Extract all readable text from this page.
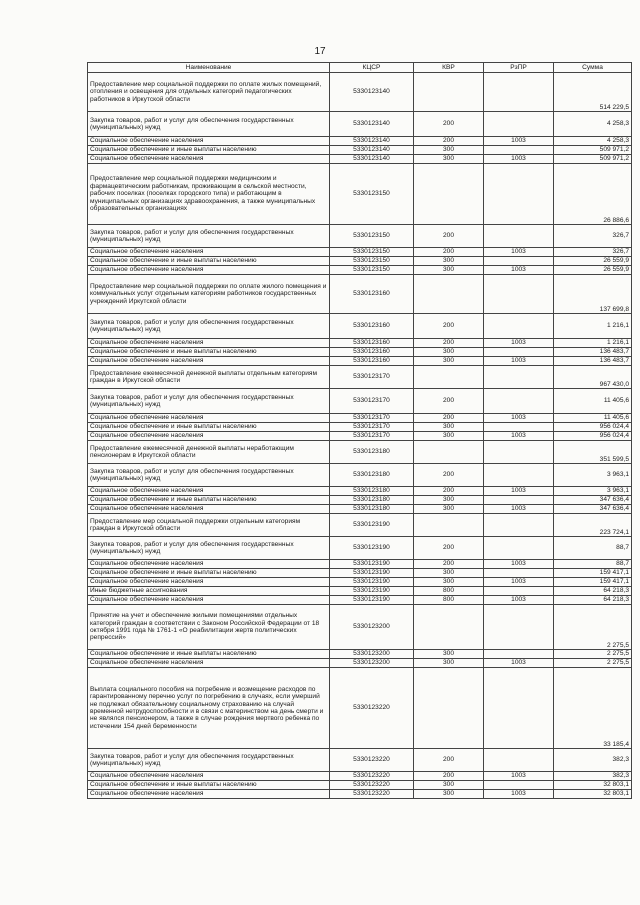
17
Наименование	КЦСР	КВР	РзПР	Сумма
Предоставление мер социальной поддержки по оплате жилых помещений, отопления и освещения для отдельных категорий педагогических работников в Иркутской области	5330123140			514 229,5
Закупка товаров, работ и услуг для обеспечения государственных (муниципальных) нужд	5330123140	200		4 258,3
Социальное обеспечение населения	5330123140	200	1003	4 258,3
Социальное обеспечение и иные выплаты населению	5330123140	300		509 971,2
Социальное обеспечение населения	5330123140	300	1003	509 971,2
Предоставление мер социальной поддержки медицинским и фармацевтическим работникам, проживающим в сельской местности, рабочих поселках (поселках городского типа) и работающим в муниципальных организациях здравоохранения, а также муниципальных образовательных организациях	5330123150			26 886,6
Закупка товаров, работ и услуг для обеспечения государственных (муниципальных) нужд	5330123150	200		326,7
Социальное обеспечение населения	5330123150	200	1003	326,7
Социальное обеспечение и иные выплаты населению	5330123150	300		26 559,9
Социальное обеспечение населения	5330123150	300	1003	26 559,9
Предоставление мер социальной поддержки по оплате жилого помещения и коммунальных услуг отдельным категориям работников государственных учреждений Иркутской области	5330123160			137 699,8
Закупка товаров, работ и услуг для обеспечения государственных (муниципальных) нужд	5330123160	200		1 216,1
Социальное обеспечение населения	5330123160	200	1003	1 216,1
Социальное обеспечение и иные выплаты населению	5330123160	300		136 483,7
Социальное обеспечение населения	5330123160	300	1003	136 483,7
Предоставление ежемесячной денежной выплаты отдельным категориям граждан в Иркутской области	5330123170			967 430,0
Закупка товаров, работ и услуг для обеспечения государственных (муниципальных) нужд	5330123170	200		11 405,6
Социальное обеспечение населения	5330123170	200	1003	11 405,6
Социальное обеспечение и иные выплаты населению	5330123170	300		956 024,4
Социальное обеспечение населения	5330123170	300	1003	956 024,4
Предоставление ежемесячной денежной выплаты неработающим пенсионерам в Иркутской области	5330123180			351 599,5
Закупка товаров, работ и услуг для обеспечения государственных (муниципальных) нужд	5330123180	200		3 963,1
Социальное обеспечение населения	5330123180	200	1003	3 963,1
Социальное обеспечение и иные выплаты населению	5330123180	300		347 636,4
Социальное обеспечение населения	5330123180	300	1003	347 636,4
Предоставление мер социальной поддержки отдельным категориям граждан в Иркутской области	5330123190			223 724,1
Закупка товаров, работ и услуг для обеспечения государственных (муниципальных) нужд	5330123190	200		88,7
Социальное обеспечение населения	5330123190	200	1003	88,7
Социальное обеспечение и иные выплаты населению	5330123190	300		159 417,1
Социальное обеспечение населения	5330123190	300	1003	159 417,1
Иные бюджетные ассигнования	5330123190	800		64 218,3
Социальное обеспечение населения	5330123190	800	1003	64 218,3
Принятие на учет и обеспечение жилыми помещениями отдельных категорий граждан в соответствии с Законом Российской Федерации от 18 октября 1991 года № 1761-1 «О реабилитации жертв политических репрессий»	5330123200			2 275,5
Социальное обеспечение и иные выплаты населению	5330123200	300		2 275,5
Социальное обеспечение населения	5330123200	300	1003	2 275,5
Выплата социального пособия на погребение и возмещение расходов по гарантированному перечню услуг по погребению в случаях, если умерший не подлежал обязательному социальному страхованию на случай временной нетрудоспособности и в связи с материнством на день смерти и не являлся пенсионером, а также в случае рождения мертвого ребенка по истечении 154 дней беременности	5330123220			33 185,4
Закупка товаров, работ и услуг для обеспечения государственных (муниципальных) нужд	5330123220	200		382,3
Социальное обеспечение населения	5330123220	200	1003	382,3
Социальное обеспечение и иные выплаты населению	5330123220	300		32 803,1
Социальное обеспечение населения	5330123220	300	1003	32 803,1
